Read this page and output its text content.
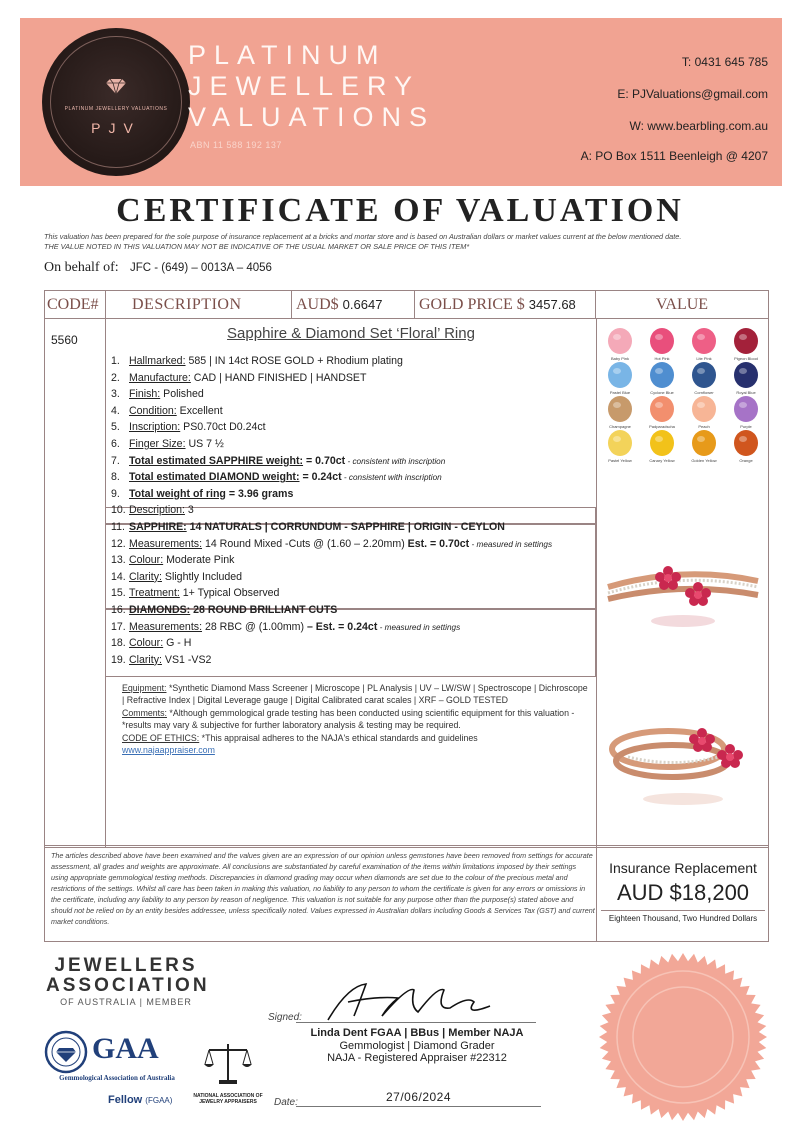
PLATINUM JEWELLERY VALUATIONS
PJV
PLATINUM
JEWELLERY
VALUATIONS
ABN 11 588 192 137
T: 0431 645 785
E: PJValuations@gmail.com
W: www.bearbling.com.au
A: PO Box 1511 Beenleigh @ 4207
CERTIFICATE OF VALUATION
This valuation has been prepared for the sole purpose of insurance replacement at a bricks and mortar store and is based on Australian dollars or market values current at the below mentioned date.
THE VALUE NOTED IN THIS VALUATION MAY NOT BE INDICATIVE OF THE USUAL MARKET OR SALE PRICE OF THIS ITEM*
On behalf of: JFC - (649) – 0013A – 4056
CODE#	DESCRIPTION	AUD$ 0.6647	GOLD PRICE $ 3457.68	VALUE
5560
Baby Pink	Hot Pink	Lite Pink	Pigeon Blood
Pastel Blue	Cyclone Blue	Cornflower	Royal Blue
Champagne	Padparadscha	Peach	Purple
Pastel Yellow	Canary Yellow	Golden Yellow	Orange
Sapphire & Diamond Set ‘Floral’ Ring
1. Hallmarked: 585 | IN 14ct ROSE GOLD + Rhodium plating
2. Manufacture: CAD | HAND FINISHED | HANDSET
3. Finish: Polished
4. Condition: Excellent
5. Inscription: PS0.70ct D0.24ct
6. Finger Size: US 7 ½
7. Total estimated SAPPHIRE weight: = 0.70ct - consistent with inscription
8. Total estimated DIAMOND weight: = 0.24ct - consistent with inscription
9. Total weight of ring = 3.96 grams
10. Description: 3
11. SAPPHIRE: 14 NATURALS | CORRUNDUM - SAPPHIRE | ORIGIN - CEYLON
12. Measurements: 14 Round Mixed -Cuts @ (1.60 – 2.20mm) Est. = 0.70ct - measured in settings
13. Colour: Moderate Pink
14. Clarity: Slightly Included
15. Treatment: 1+ Typical Observed
16. DIAMONDS: 28 ROUND BRILLIANT CUTS
17. Measurements: 28 RBC @ (1.00mm) – Est. = 0.24ct - measured in settings
18. Colour: G - H
19. Clarity: VS1 -VS2
Equipment: *Synthetic Diamond Mass Screener | Microscope | PL Analysis | UV – LW/SW | Spectroscope | Dichroscope | Refractive Index | Digital Leverage gauge | Digital Calibrated carat scales | XRF – GOLD TESTED
Comments: *Although gemmological grade testing has been conducted using scientific equipment for this valuation - *results may vary & subjective for further laboratory analysis & testing may be required.
CODE OF ETHICS: *This appraisal adheres to the NAJA's ethical standards and guidelines
www.najaappraiser.com
The articles described above have been examined and the values given are an expression of our opinion unless gemstones have been removed from settings for accurate assessment, all grades and weights are approximate. All conclusions are substantiated by careful examination of the items within limitations imposed by their settings using appropriate gemmological testing methods. Discrepancies in diamond grading may occur when diamonds are set due to the colour of the precious metal and restrictions of the settings. Whilst all care has been taken in making this valuation, no liability to any person to whom the certificate is given for any errors or omissions in the certificate, including any liability to any person by reason of negligence. This valuation is not suitable for any purpose other than the purpose(s) stated above and should not be relied on by an entity besides addressee, unless specifically noted. Values expressed in Australian dollars including Goods & Services Tax (GST) and current market conditions.
Insurance Replacement
AUD $18,200
Eighteen Thousand, Two Hundred Dollars
JEWELLERS
ASSOCIATION
OF AUSTRALIA | MEMBER
GAA
Gemmological Association of Australia
Fellow (FGAA)	NATIONAL ASSOCIATION OF JEWELRY APPRAISERS
Signed:
Linda Dent FGAA | BBus | Member NAJA
Gemmologist | Diamond Grader
NAJA - Registered Appraiser #22312
Date:	27/06/2024
